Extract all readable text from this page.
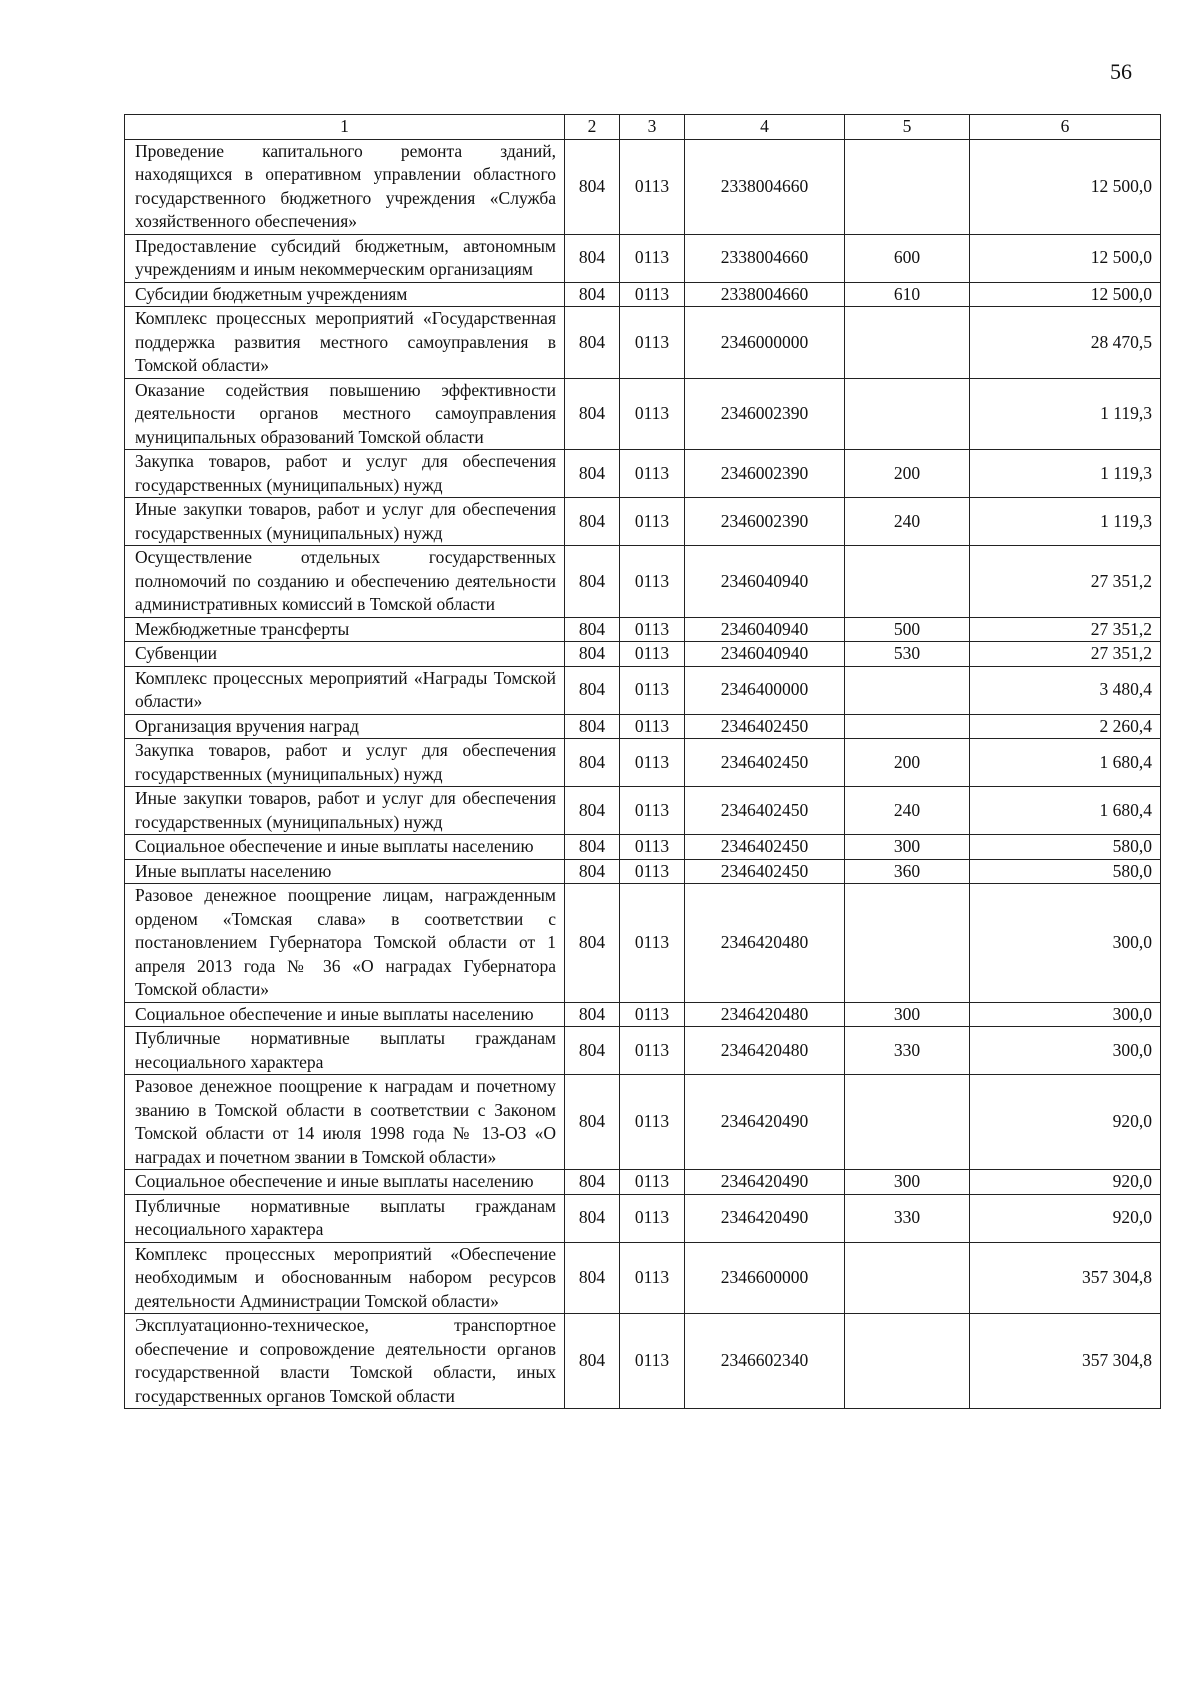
56
1	2	3	4	5	6
Проведение капитального ремонта зданий, находящихся в оперативном управлении областного государственного бюджетного учреждения «Служба хозяйственного обеспечения»	804	0113	2338004660		12 500,0
Предоставление субсидий бюджетным, автономным учреждениям и иным некоммерческим организациям	804	0113	2338004660	600	12 500,0
Субсидии бюджетным учреждениям	804	0113	2338004660	610	12 500,0
Комплекс процессных мероприятий «Государственная поддержка развития местного самоуправления в Томской области»	804	0113	2346000000		28 470,5
Оказание содействия повышению эффективности деятельности органов местного самоуправления муниципальных образований Томской области	804	0113	2346002390		1 119,3
Закупка товаров, работ и услуг для обеспечения государственных (муниципальных) нужд	804	0113	2346002390	200	1 119,3
Иные закупки товаров, работ и услуг для обеспечения государственных (муниципальных) нужд	804	0113	2346002390	240	1 119,3
Осуществление отдельных государственных полномочий по созданию и обеспечению деятельности административных комиссий в Томской области	804	0113	2346040940		27 351,2
Межбюджетные трансферты	804	0113	2346040940	500	27 351,2
Субвенции	804	0113	2346040940	530	27 351,2
Комплекс процессных мероприятий «Награды Томской области»	804	0113	2346400000		3 480,4
Организация вручения наград	804	0113	2346402450		2 260,4
Закупка товаров, работ и услуг для обеспечения государственных (муниципальных) нужд	804	0113	2346402450	200	1 680,4
Иные закупки товаров, работ и услуг для обеспечения государственных (муниципальных) нужд	804	0113	2346402450	240	1 680,4
Социальное обеспечение и иные выплаты населению	804	0113	2346402450	300	580,0
Иные выплаты населению	804	0113	2346402450	360	580,0
Разовое денежное поощрение лицам, награжденным орденом «Томская слава» в соответствии с постановлением Губернатора Томской области от 1 апреля 2013 года № 36 «О наградах Губернатора Томской области»	804	0113	2346420480		300,0
Социальное обеспечение и иные выплаты населению	804	0113	2346420480	300	300,0
Публичные нормативные выплаты гражданам несоциального характера	804	0113	2346420480	330	300,0
Разовое денежное поощрение к наградам и почетному званию в Томской области в соответствии с Законом Томской области от 14 июля 1998 года № 13-ОЗ «О наградах и почетном звании в Томской области»	804	0113	2346420490		920,0
Социальное обеспечение и иные выплаты населению	804	0113	2346420490	300	920,0
Публичные нормативные выплаты гражданам несоциального характера	804	0113	2346420490	330	920,0
Комплекс процессных мероприятий «Обеспечение необходимым и обоснованным набором ресурсов деятельности Администрации Томской области»	804	0113	2346600000		357 304,8
Эксплуатационно-техническое, транспортное обеспечение и сопровождение деятельности органов государственной власти Томской области, иных государственных органов Томской области	804	0113	2346602340		357 304,8
